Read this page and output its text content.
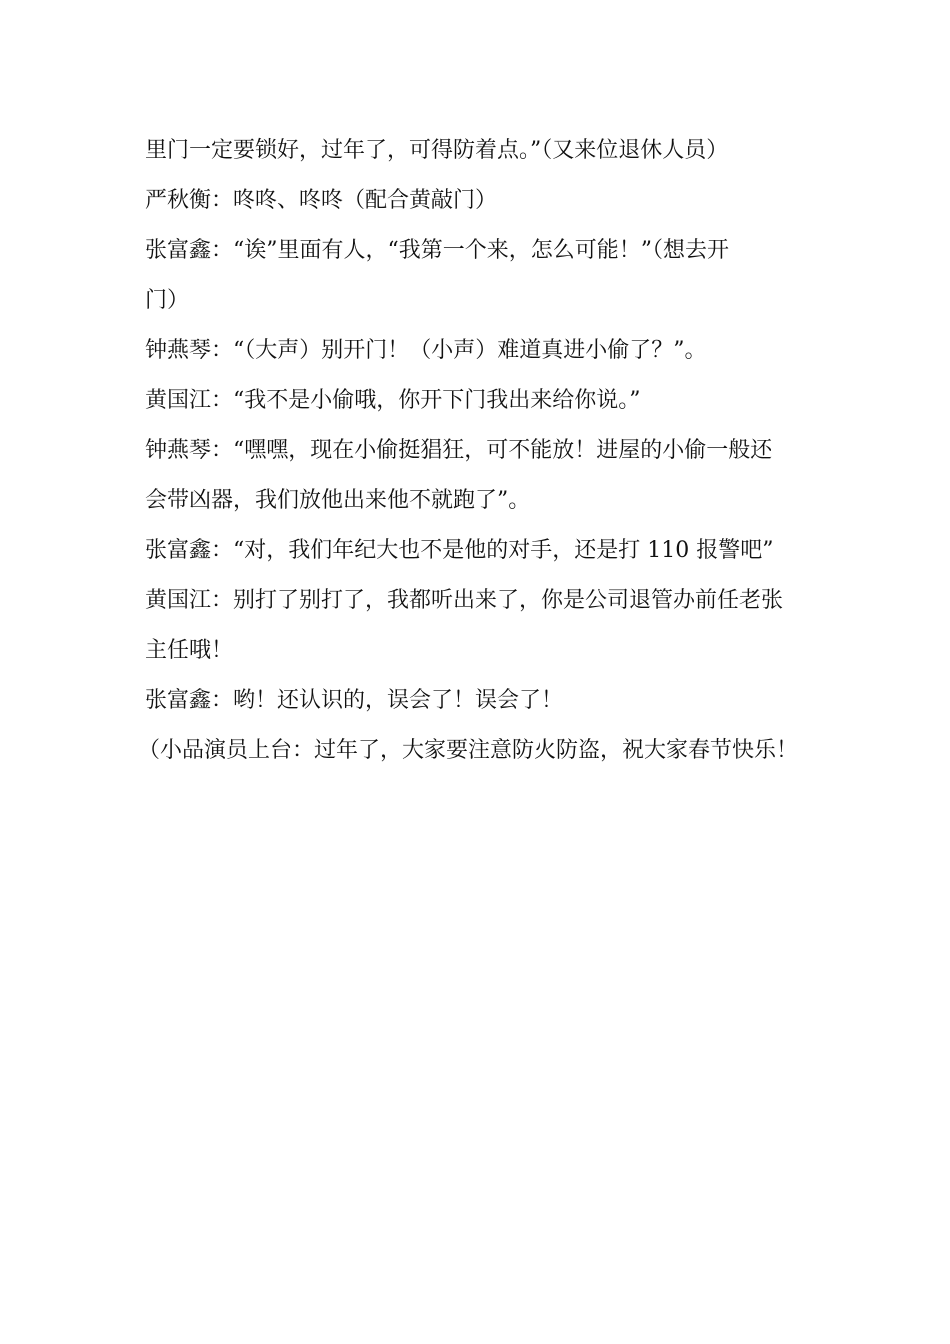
里门一定要锁好，过年了，可得防着点。”（又来位退休人员）
严秋衡：咚咚、咚咚（配合黄敲门）
张富鑫：“诶”里面有人，“我第一个来，怎么可能！”（想去开
门）
钟燕琴：“（大声）别开门！（小声）难道真进小偷了？”。
黄国江：“我不是小偷哦，你开下门我出来给你说。”
钟燕琴：“嘿嘿，现在小偷挺猖狂，可不能放！进屋的小偷一般还
会带凶器，我们放他出来他不就跑了”。
张富鑫：“对，我们年纪大也不是他的对手，还是打 110 报警吧”
黄国江：别打了别打了，我都听出来了，你是公司退管办前任老张
主任哦！
张富鑫：哟！还认识的，误会了！误会了！
（小品演员上台：过年了，大家要注意防火防盗，祝大家春节快乐！
